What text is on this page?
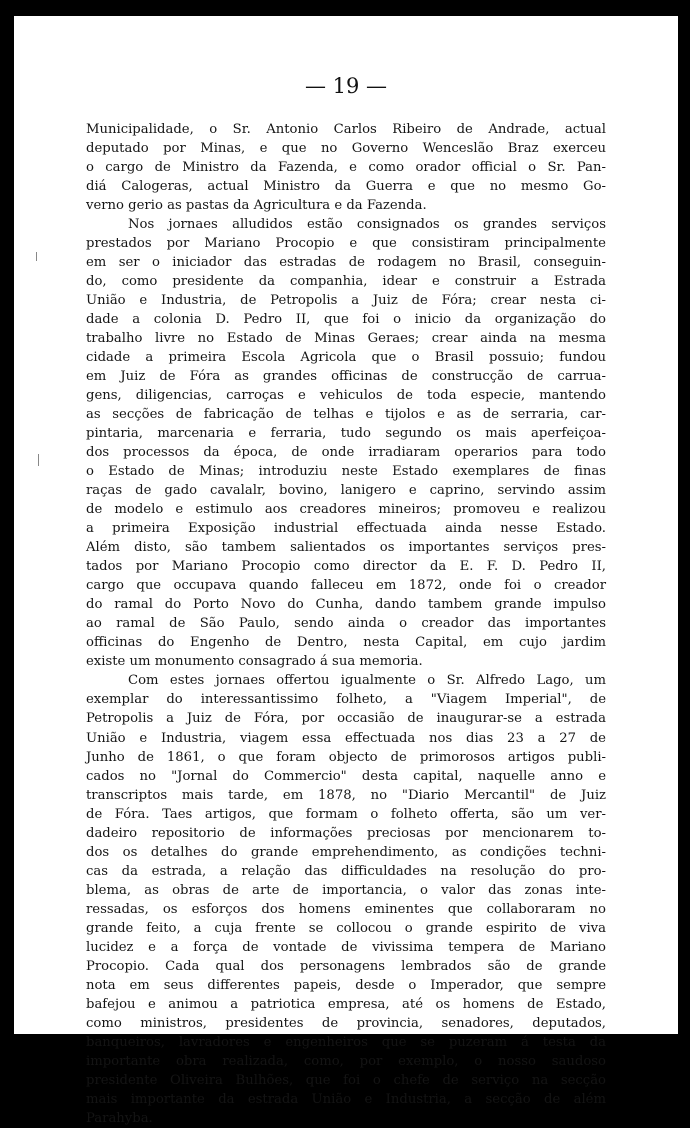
— 19 —
Municipalidade, o Sr. Antonio Carlos Ribeiro de Andrade, actual
deputado por Minas, e que no Governo Wenceslão Braz exerceu
o cargo de Ministro da Fazenda, e como orador official o Sr. Pan-
diá Calogeras, actual Ministro da Guerra e que no mesmo Go-
verno gerio as pastas da Agricultura e da Fazenda.
Nos jornaes alludidos estão consignados os grandes serviços
prestados por Mariano Procopio e que consistiram principalmente
em ser o iniciador das estradas de rodagem no Brasil, conseguin-
do, como presidente da companhia, idear e construir a Estrada
União e Industria, de Petropolis a Juiz de Fóra; crear nesta ci-
dade a colonia D. Pedro II, que foi o inicio da organização do
trabalho livre no Estado de Minas Geraes; crear ainda na mesma
cidade a primeira Escola Agricola que o Brasil possuio; fundou
em Juiz de Fóra as grandes officinas de construcção de carrua-
gens, diligencias, carroças e vehiculos de toda especie, mantendo
as secções de fabricação de telhas e tijolos e as de serraria, car-
pintaria, marcenaria e ferraria, tudo segundo os mais aperfeiçoa-
dos processos da época, de onde irradiaram operarios para todo
o Estado de Minas; introduziu neste Estado exemplares de finas
raças de gado cavalalr, bovino, lanigero e caprino, servindo assim
de modelo e estimulo aos creadores mineiros; promoveu e realizou
a primeira Exposição industrial effectuada ainda nesse Estado.
Além disto, são tambem salientados os importantes serviços pres-
tados por Mariano Procopio como director da E. F. D. Pedro II,
cargo que occupava quando falleceu em 1872, onde foi o creador
do ramal do Porto Novo do Cunha, dando tambem grande impulso
ao ramal de São Paulo, sendo ainda o creador das importantes
officinas do Engenho de Dentro, nesta Capital, em cujo jardim
existe um monumento consagrado á sua memoria.
Com estes jornaes offertou igualmente o Sr. Alfredo Lago, um
exemplar do interessantissimo folheto, a "Viagem Imperial", de
Petropolis a Juiz de Fóra, por occasião de inaugurar-se a estrada
União e Industria, viagem essa effectuada nos dias 23 a 27 de
Junho de 1861, o que foram objecto de primorosos artigos publi-
cados no "Jornal do Commercio" desta capital, naquelle anno e
transcriptos mais tarde, em 1878, no "Diario Mercantil" de Juiz
de Fóra. Taes artigos, que formam o folheto offerta, são um ver-
dadeiro repositorio de informações preciosas por mencionarem to-
dos os detalhes do grande emprehendimento, as condições techni-
cas da estrada, a relação das difficuldades na resolução do pro-
blema, as obras de arte de importancia, o valor das zonas inte-
ressadas, os esforços dos homens eminentes que collaboraram no
grande feito, a cuja frente se collocou o grande espirito de viva
lucidez e a força de vontade de vivissima tempera de Mariano
Procopio. Cada qual dos personagens lembrados são de grande
nota em seus differentes papeis, desde o Imperador, que sempre
bafejou e animou a patriotica empresa, até os homens de Estado,
como ministros, presidentes de provincia, senadores, deputados,
banqueiros, lavradores e engenheiros que se puzeram á testa da
importante obra realizada, como, por exemplo, o nosso saudoso
presidente Oliveira Bulhões, que foi o chefe de serviço na secção
mais importante da estrada União e Industria, a secção de além
Parahyba.
